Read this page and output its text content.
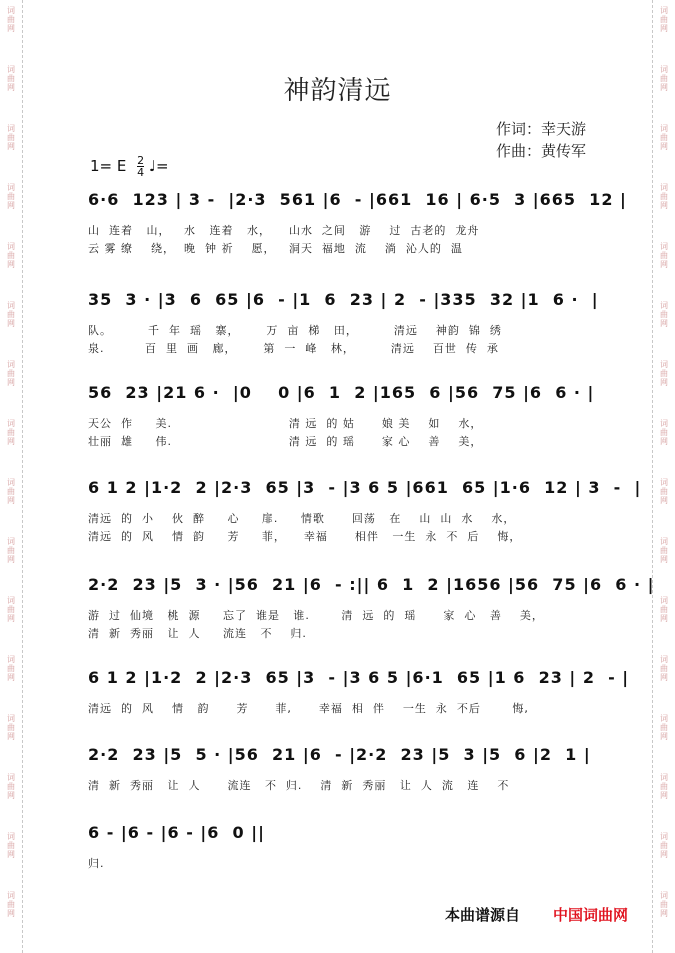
词
曲
网
词
曲
网
词
曲
网
词
曲
网
词
曲
网
词
曲
网
词
曲
网
词
曲
网
词
曲
网
词
曲
网
词
曲
网
词
曲
网
词
曲
网
词
曲
网
词
曲
网
词
曲
网
词
曲
网
词
曲
网
词
曲
网
词
曲
网
词
曲
网
词
曲
网
词
曲
网
词
曲
网
词
曲
网
词
曲
网
词
曲
网
词
曲
网
词
曲
网
词
曲
网
词
曲
网
词
曲
网
神韵清远
作词：幸天游
作曲：黄传军
1= E $\frac{2}{4}$ ♩=
6·6  123 | 3 -  |2·3  561 |6  - |661  16 | 6·5  3 |665  12 |
山  连着   山，   水   连着   水，    山水  之间   游    过  古老的  龙舟
云 雾 缭    绕，  晚  钟 祈    愿，   洞天  福地  流    淌  沁人的  温
35  3 · |3  6  65 |6  - |1  6  23 | 2  - |335  32 |1  6 ·  |
队。        千  年  瑶   寨，      万  亩  梯   田，        清远    神韵  锦  绣
泉.         百  里  画   廊，      第  一  峰   林，        清远    百世  传  承
56  23 |21 6 ·  |0    0 |6  1  2 |165  6 |56  75 |6  6 · |
天公  作     美.                          清 远  的 姑      娘 美    如    水，
壮丽  雄     伟.                          清 远  的 瑶      家 心    善    美，
6 1 2 |1·2  2 |2·3  65 |3  - |3 6 5 |661  65 |1·6  12 | 3  -  |
清远  的  小    伙  醉     心     扉.     情歌      回荡   在    山  山  水    水，
清远  的  风    情  韵     芳     菲，    幸福      相伴   一生  永  不  后    悔，
2·2  23 |5  3 · |56  21 |6  - :|| 6  1  2 |1656 |56  75 |6  6 · |
游  过  仙境   桃  源     忘了  谁是   谁.       清  远  的  瑶      家  心   善    美，
清  新  秀丽   让  人     流连   不    归.
6 1 2 |1·2  2 |2·3  65 |3  - |3 6 5 |6·1  65 |1 6  23 | 2  - |
清远  的  风    情   韵      芳      菲,      幸福  相  伴    一生  永  不后       悔,
2·2  23 |5  5 · |56  21 |6  - |2·2  23 |5  3 |5  6 |2  1 |
清  新  秀丽   让  人      流连   不  归.    清  新  秀丽   让  人  流   连    不
6 - |6 - |6 - |6  0 ||
归.
本曲谱源自 中国词曲网
